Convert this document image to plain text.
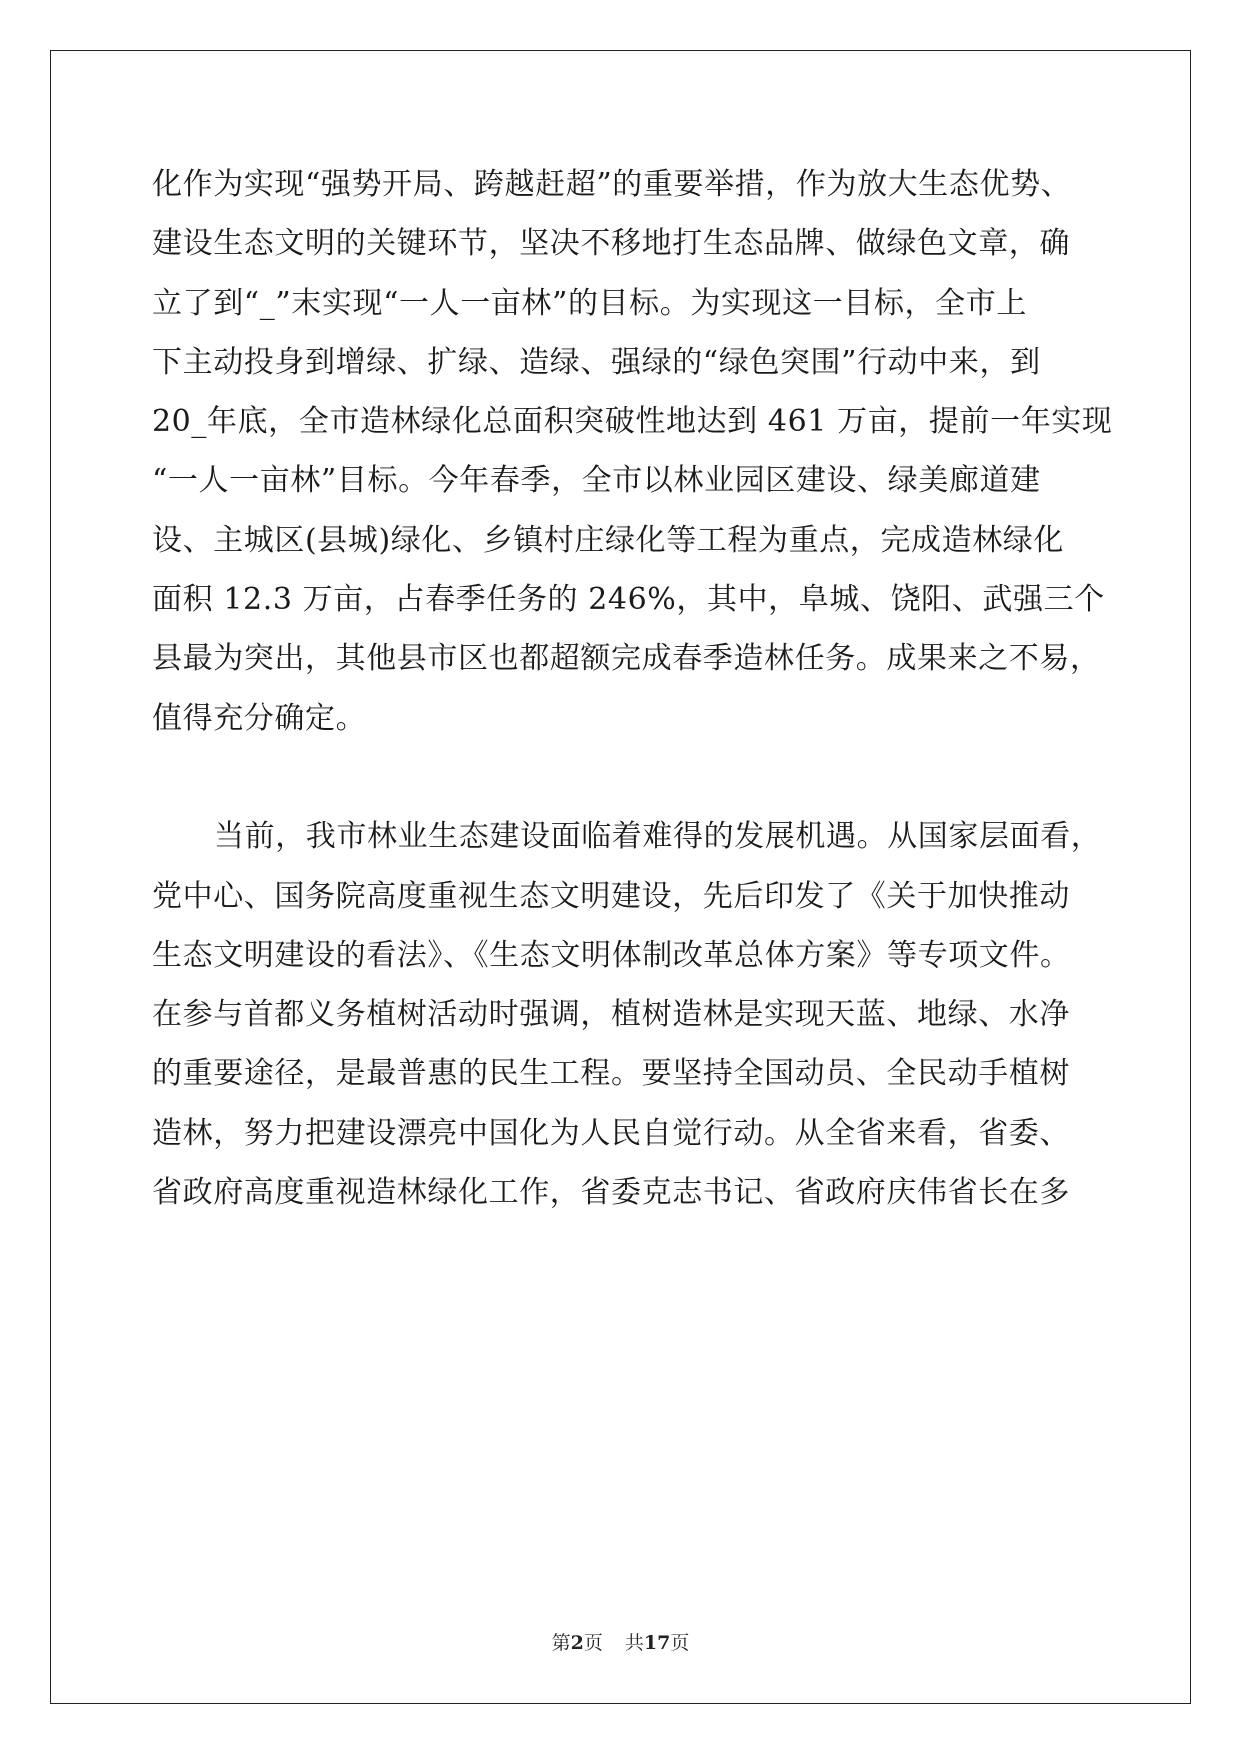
化作为实现“强势开局、跨越赶超”的重要举措，作为放大生态优势、
建设生态文明的关键环节，坚决不移地打生态品牌、做绿色文章，确
立了到“_”末实现“一人一亩林”的目标。为实现这一目标，全市上
下主动投身到增绿、扩绿、造绿、强绿的“绿色突围”行动中来，到
20_年底，全市造林绿化总面积突破性地达到 461 万亩，提前一年实现
“一人一亩林”目标。今年春季，全市以林业园区建设、绿美廊道建
设、主城区(县城)绿化、乡镇村庄绿化等工程为重点，完成造林绿化
面积 12.3 万亩，占春季任务的 246%，其中，阜城、饶阳、武强三个
县最为突出，其他县市区也都超额完成春季造林任务。成果来之不易，
值得充分确定。
当前，我市林业生态建设面临着难得的发展机遇。从国家层面看，
党中心、国务院高度重视生态文明建设，先后印发了《关于加快推动
生态文明建设的看法》、《生态文明体制改革总体方案》等专项文件。
在参与首都义务植树活动时强调，植树造林是实现天蓝、地绿、水净
的重要途径，是最普惠的民生工程。要坚持全国动员、全民动手植树
造林，努力把建设漂亮中国化为人民自觉行动。从全省来看，省委、
省政府高度重视造林绿化工作，省委克志书记、省政府庆伟省长在多
第2页 共17页
